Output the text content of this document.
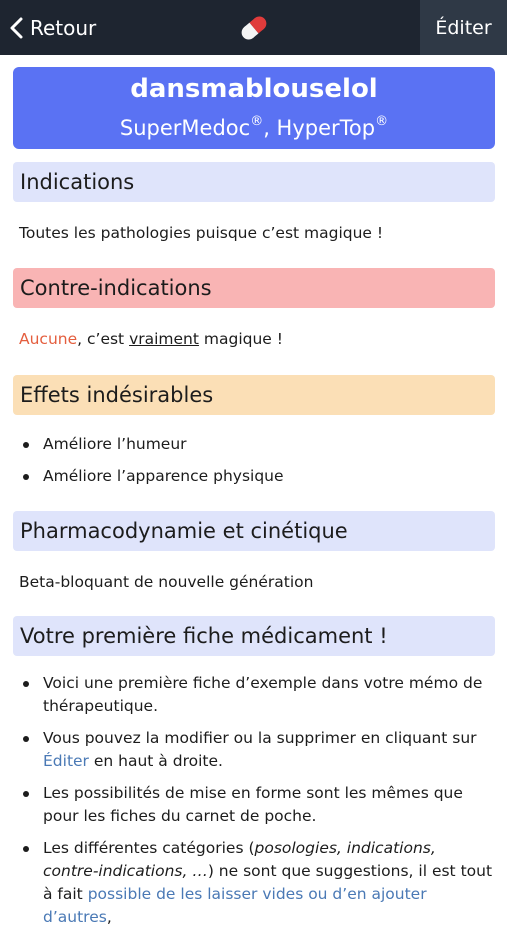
Retour	Éditer
dansmablouselol
SuperMedoc®, HyperTop®
Indications
Toutes les pathologies puisque c’est magique !
Contre-indications
Aucune, c’est vraiment magique !
Effets indésirables
Améliore l’humeur
Améliore l’apparence physique
Pharmacodynamie et cinétique
Beta-bloquant de nouvelle génération
Votre première fiche médicament !
Voici une première fiche d’exemple dans votre mémo de thérapeutique.
Vous pouvez la modifier ou la supprimer en cliquant sur Éditer en haut à droite.
Les possibilités de mise en forme sont les mêmes que pour les fiches du carnet de poche.
Les différentes catégories (posologies, indications, contre-indications, …) ne sont que suggestions, il est tout à fait possible de les laisser vides ou d’en ajouter d’autres,
